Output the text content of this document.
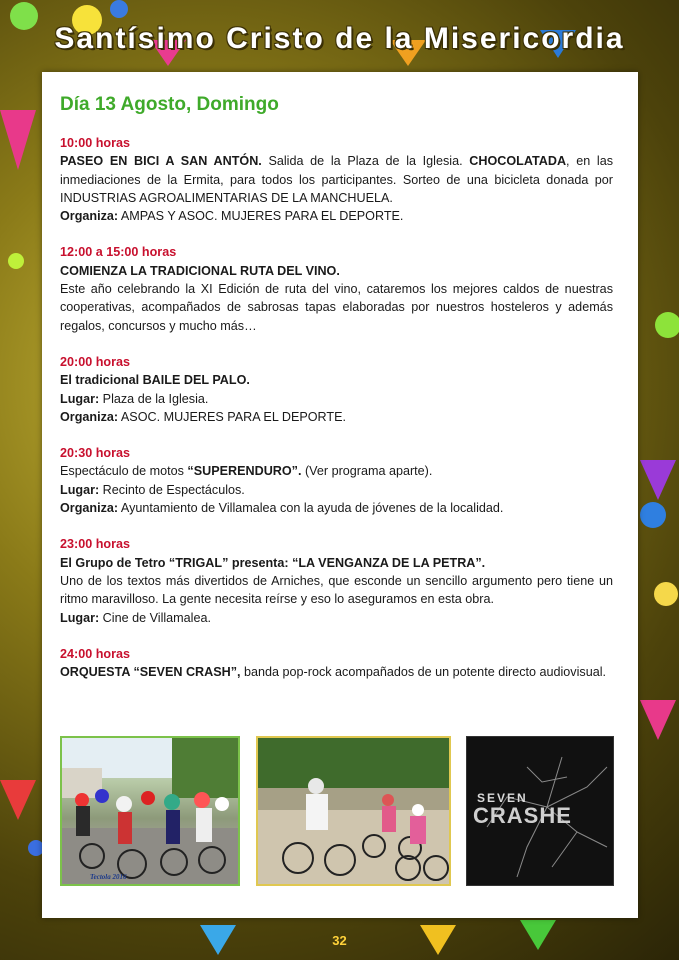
Santísimo Cristo de la Misericordia
Día 13 Agosto, Domingo
10:00 horas
PASEO EN BICI A SAN ANTÓN. Salida de la Plaza de la Iglesia. CHOCOLATADA, en las inmediaciones de la Ermita, para todos los participantes. Sorteo de una bicicleta donada por INDUSTRIAS AGROALIMENTARIAS DE LA MANCHUELA.
Organiza: AMPAS Y ASOC. MUJERES PARA EL DEPORTE.
12:00 a 15:00 horas
COMIENZA LA TRADICIONAL RUTA DEL VINO.
Este año celebrando la XI Edición de ruta del vino, cataremos los mejores caldos de nuestras cooperativas, acompañados de sabrosas tapas elaboradas por nuestros hosteleros y además regalos, concursos y mucho más…
20:00 horas
El tradicional BAILE DEL PALO.
Lugar: Plaza de la Iglesia.
Organiza: ASOC. MUJERES PARA EL DEPORTE.
20:30 horas
Espectáculo de motos “SUPERENDURO”. (Ver programa aparte).
Lugar: Recinto de Espectáculos.
Organiza: Ayuntamiento de Villamalea con la ayuda de jóvenes de la localidad.
23:00 horas
El Grupo de Tetro “TRIGAL” presenta: “LA VENGANZA DE LA PETRA”.
Uno de los textos más divertidos de Arniches, que esconde un sencillo argumento pero tiene un ritmo maravilloso. La gente necesita reírse y eso lo aseguramos en esta obra.
Lugar: Cine de Villamalea.
24:00 horas
ORQUESTA “SEVEN CRASH”, banda pop-rock acompañados de un potente directo audiovisual.
Tectola 2016
SEVEN
CRASHE
32
